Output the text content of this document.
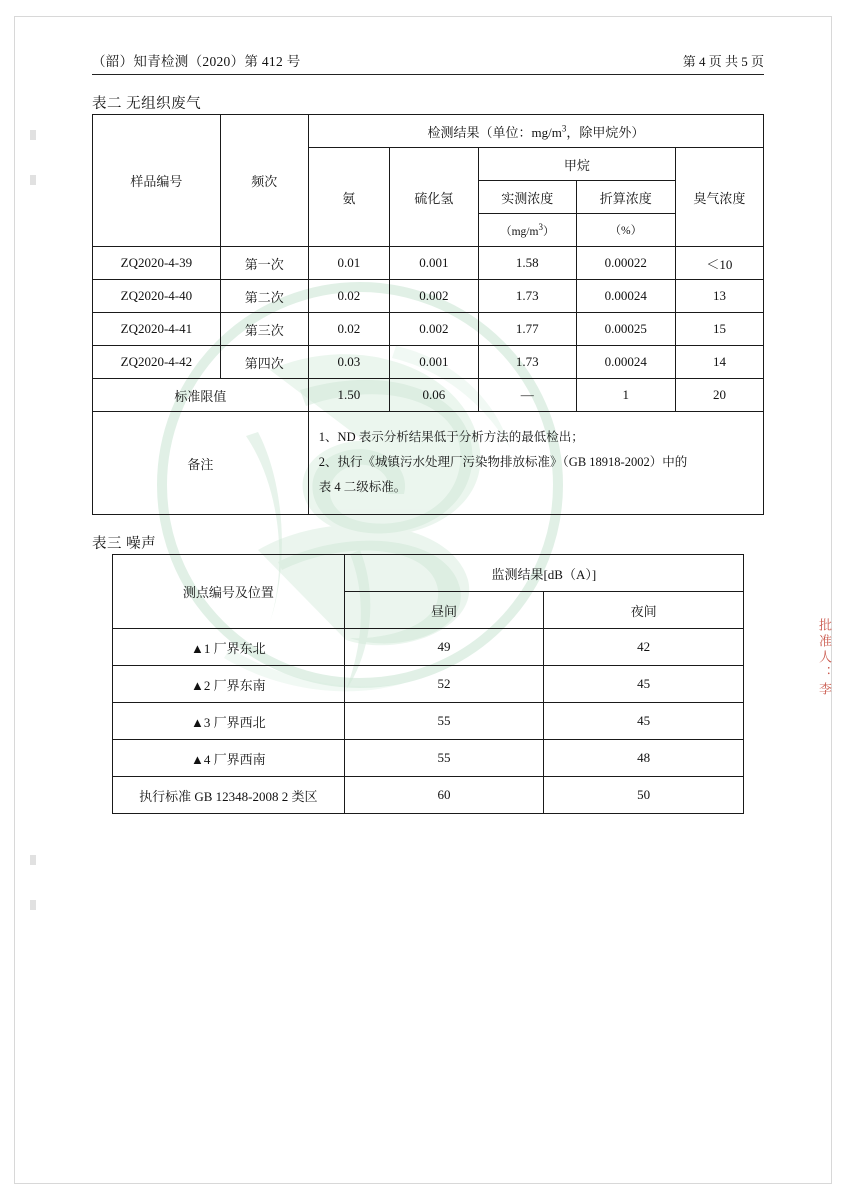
（韶）知青检测（2020）第 412 号	第 4 页 共 5 页
表二 无组织废气
样品编号	频次	检测结果（单位：$mg/m^3$，除甲烷外）				
		氨	硫化氢	甲烷		臭气浓度
				实测浓度	折算浓度	
				$(mg/m^3)$	（%）	
ZQ2020-4-39	第一次	0.01	0.001	1.58	0.00022	＜10
ZQ2020-4-40	第二次	0.02	0.002	1.73	0.00024	13
ZQ2020-4-41	第三次	0.02	0.002	1.77	0.00025	15
ZQ2020-4-42	第四次	0.03	0.001	1.73	0.00024	14
标准限值		1.50	0.06	—	1	20
备注		1、ND 表示分析结果低于分析方法的最低检出；
2、执行《城镇污水处理厂污染物排放标准》（GB 18918-2002）中的
表 4 二级标准。				
表三 噪声
测点编号及位置	监测结果[dB（A）]	
	昼间	夜间
▲1 厂界东北	49	42
▲2 厂界东南	52	45
▲3 厂界西北	55	45
▲4 厂界西南	55	48
执行标准 GB 12348-2008 2 类区	60	50
批准人：李
